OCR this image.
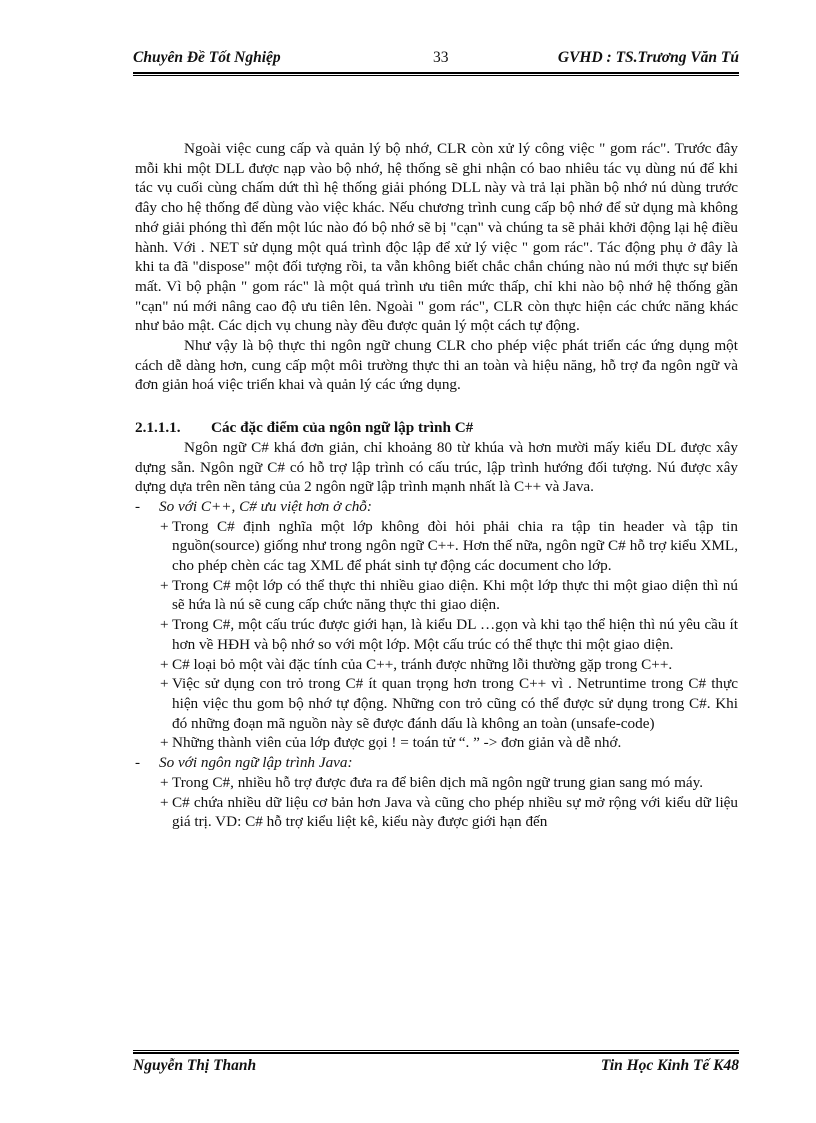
Chuyên Đề Tốt Nghiệp	33	GVHD : TS.Trương Văn Tú

Ngoài việc cung cấp và quản lý bộ nhớ, CLR còn xử lý công việc " gom rác". Trước đây mỗi khi một DLL được nạp vào bộ nhớ, hệ thống sẽ ghi nhận có bao nhiêu tác vụ dùng nú để khi tác vụ cuối cùng chấm dứt thì hệ thống giải phóng DLL này và trả lại phần bộ nhớ nú dùng trước đây cho hệ thống để dùng vào việc khác. Nếu chương trình cung cấp bộ nhớ để sử dụng mà không nhớ giải phóng thì đến một lúc nào đó bộ nhớ sẽ bị "cạn" và chúng ta sẽ phải khởi động lại hệ điều hành. Với . NET sử dụng một quá trình độc lập để xử lý việc " gom rác". Tác động phụ ở đây là khi ta đã "dispose" một đối tượng rồi, ta vẫn không biết chắc chắn chúng nào nú mới thực sự biến mất. Vì bộ phận " gom rác" là một quá trình ưu tiên mức thấp, chỉ khi nào bộ nhớ hệ thống gần "cạn" nú mới nâng cao độ ưu tiên lên. Ngoài " gom rác", CLR còn thực hiện các chức năng khác như bảo mật. Các dịch vụ chung này đều được quản lý một cách tự động.

Như vậy là bộ thực thi ngôn ngữ chung CLR cho phép việc phát triển các ứng dụng một cách dễ dàng hơn, cung cấp một môi trường thực thi an toàn và hiệu năng, hỗ trợ đa ngôn ngữ và đơn giản hoá việc triển khai và quản lý các ứng dụng.

2.1.1.1. Các đặc điểm của ngôn ngữ lập trình C#

Ngôn ngữ C# khá đơn giản, chỉ khoảng 80 từ khúa và hơn mười mấy kiểu DL được xây dựng sẵn. Ngôn ngữ C# có hỗ trợ lập trình có cấu trúc, lập trình hướng đối tượng. Nú được xây dựng dựa trên nền tảng của 2 ngôn ngữ lập trình mạnh nhất là C++ và Java.

- So với C++, C# ưu việt hơn ở chỗ:

+ Trong C# định nghĩa một lớp không đòi hỏi phải chia ra tập tin header và tập tin nguồn(source) giống như trong ngôn ngữ C++. Hơn thế nữa, ngôn ngữ C# hỗ trợ kiểu XML, cho phép chèn các tag XML để phát sinh tự động các document cho lớp.

+ Trong C# một lớp có thể thực thi nhiều giao diện. Khi một lớp thực thi một giao diện thì nú sẽ hứa là nú sẽ cung cấp chức năng thực thi giao diện.

+ Trong C#, một cấu trúc được giới hạn, là kiểu DL …gọn và khi tạo thể hiện thì nú yêu cầu ít hơn về HĐH và bộ nhớ so với một lớp. Một cấu trúc có thể thực thi một giao diện.

+ C# loại bỏ một vài đặc tính của C++, tránh được những lỗi thường gặp trong C++.

+ Việc sử dụng con trỏ trong C# ít quan trọng hơn trong C++ vì . Netruntime trong C# thực hiện việc thu gom bộ nhớ tự động. Những con trỏ cũng có thể được sử dụng trong C#. Khi đó những đoạn mã nguồn này sẽ được đánh dấu là không an toàn (unsafe-code)

+ Những thành viên của lớp được gọi ! = toán tử “. ” -> đơn giản và dễ nhớ.

- So với ngôn ngữ lập trình Java:

+ Trong C#, nhiều hỗ trợ được đưa ra để biên dịch mã ngôn ngữ trung gian sang mó máy.

+ C# chứa nhiều dữ liệu cơ bản hơn Java và cũng cho phép nhiều sự mở rộng với kiểu dữ liệu giá trị. VD: C# hỗ trợ kiểu liệt kê, kiểu này được giới hạn đến

Nguyễn Thị Thanh	Tin Học Kinh Tế K48
